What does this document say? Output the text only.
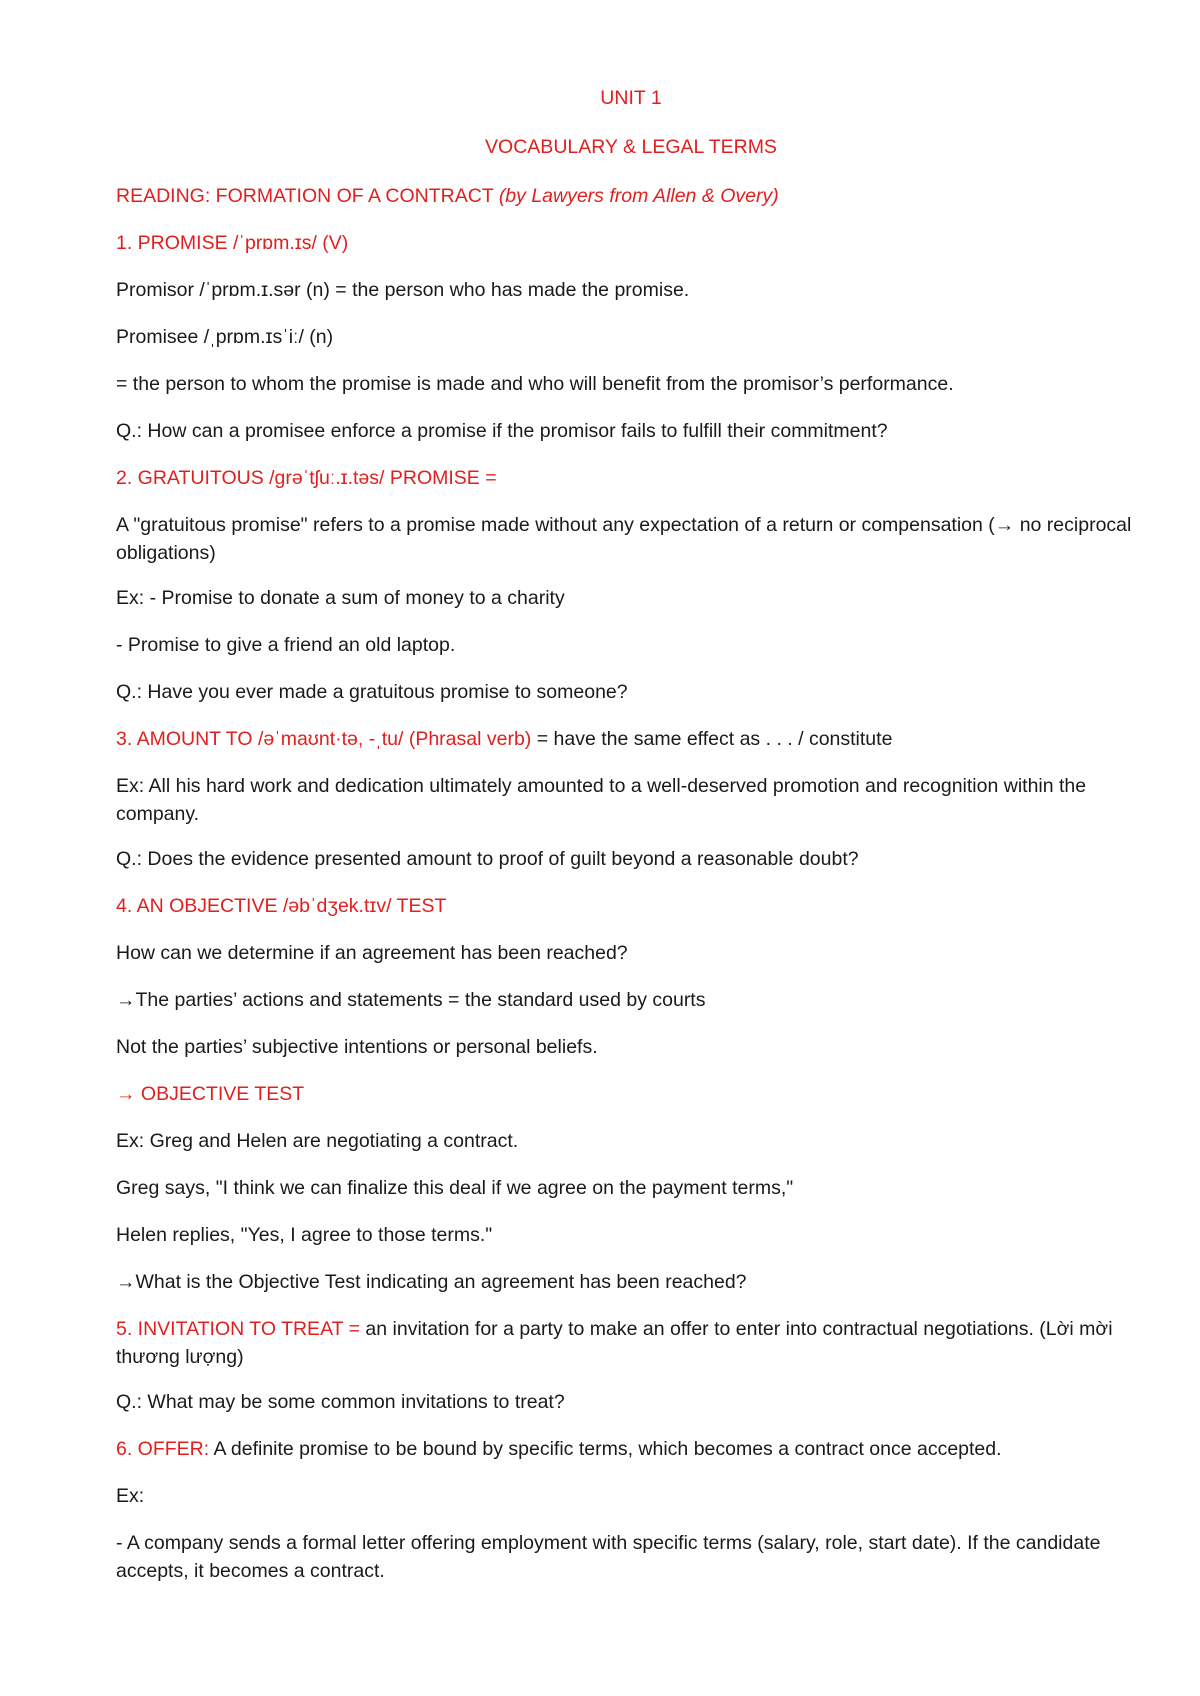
UNIT 1

VOCABULARY & LEGAL TERMS

READING: FORMATION OF A CONTRACT (by Lawyers from Allen & Overy)

1. PROMISE /ˈprɒm.ɪs/ (V)

Promisor /ˈprɒm.ɪ.sər (n) = the person who has made the promise.

Promisee /ˌprɒm.ɪsˈiː/ (n)

= the person to whom the promise is made and who will benefit from the promisor’s performance.

Q.: How can a promisee enforce a promise if the promisor fails to fulfill their commitment?

2. GRATUITOUS /ɡrəˈtʃuː.ɪ.təs/ PROMISE =

A "gratuitous promise" refers to a promise made without any expectation of a return or compensation (→ no reciprocal obligations)

Ex: - Promise to donate a sum of money to a charity

- Promise to give a friend an old laptop.

Q.: Have you ever made a gratuitous promise to someone?

3. AMOUNT TO /əˈmaʊnt·tə, -ˌtu/ (Phrasal verb) = have the same effect as . . . / constitute

Ex: All his hard work and dedication ultimately amounted to a well-deserved promotion and recognition within the company.

Q.: Does the evidence presented amount to proof of guilt beyond a reasonable doubt?

4. AN OBJECTIVE /əbˈdʒek.tɪv/ TEST

How can we determine if an agreement has been reached?

→The parties’ actions and statements = the standard used by courts

Not the parties’ subjective intentions or personal beliefs.

→ OBJECTIVE TEST

Ex: Greg and Helen are negotiating a contract.

Greg says, "I think we can finalize this deal if we agree on the payment terms,"

Helen replies, "Yes, I agree to those terms."

→What is the Objective Test indicating an agreement has been reached?

5. INVITATION TO TREAT = an invitation for a party to make an offer to enter into contractual negotiations. (Lời mời thương lượng)

Q.: What may be some common invitations to treat?

6. OFFER: A definite promise to be bound by specific terms, which becomes a contract once accepted.

Ex:

- A company sends a formal letter offering employment with specific terms (salary, role, start date). If the candidate accepts, it becomes a contract.
